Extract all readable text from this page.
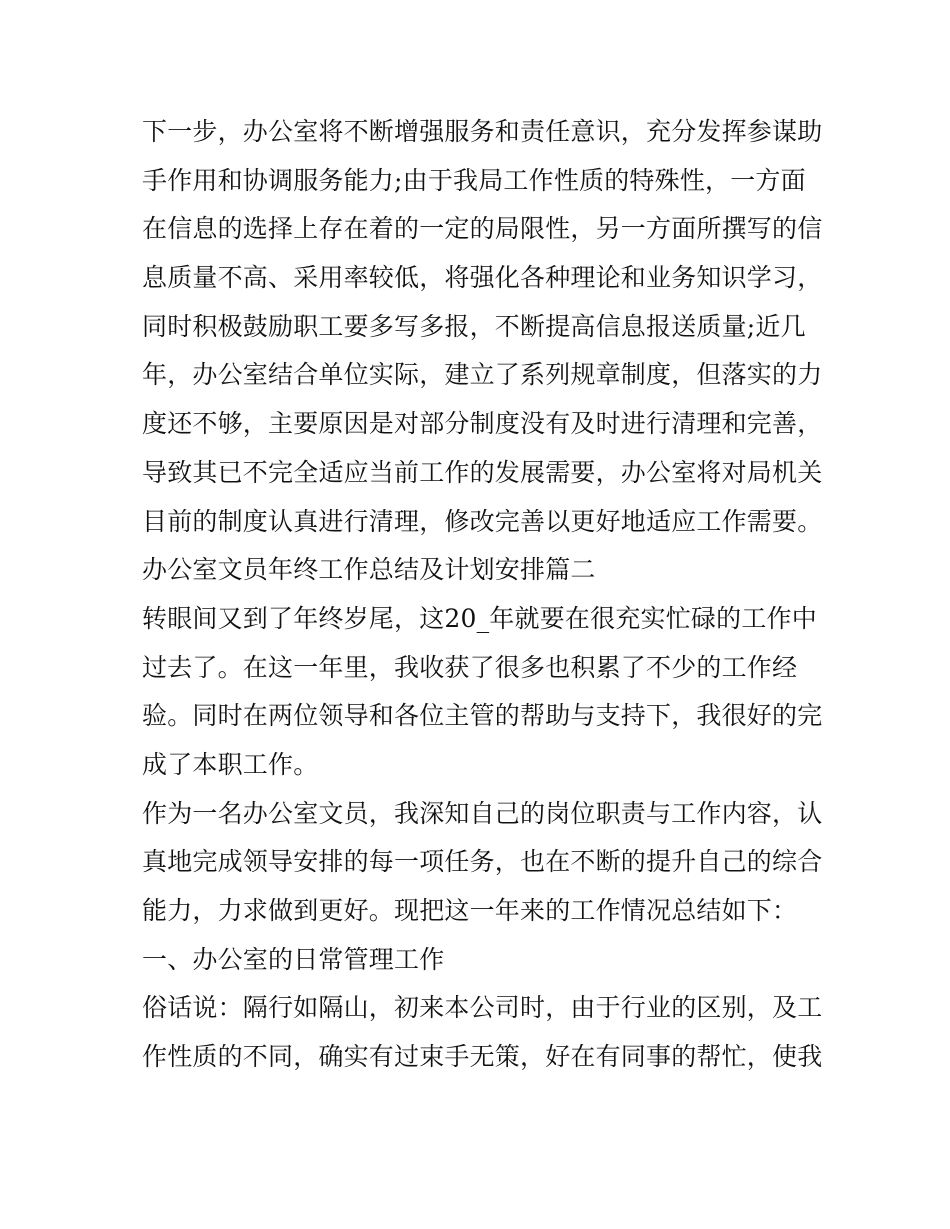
下一步，办公室将不断增强服务和责任意识，充分发挥参谋助
手作用和协调服务能力;由于我局工作性质的特殊性，一方面
在信息的选择上存在着的一定的局限性，另一方面所撰写的信
息质量不高、采用率较低，将强化各种理论和业务知识学习，
同时积极鼓励职工要多写多报，不断提高信息报送质量;近几
年，办公室结合单位实际，建立了系列规章制度，但落实的力
度还不够，主要原因是对部分制度没有及时进行清理和完善，
导致其已不完全适应当前工作的发展需要，办公室将对局机关
目前的制度认真进行清理，修改完善以更好地适应工作需要。
办公室文员年终工作总结及计划安排篇二
转眼间又到了年终岁尾，这20_年就要在很充实忙碌的工作中
过去了。在这一年里，我收获了很多也积累了不少的工作经
验。同时在两位领导和各位主管的帮助与支持下，我很好的完
成了本职工作。
作为一名办公室文员，我深知自己的岗位职责与工作内容，认
真地完成领导安排的每一项任务，也在不断的提升自己的综合
能力，力求做到更好。现把这一年来的工作情况总结如下：
一、办公室的日常管理工作
俗话说：隔行如隔山，初来本公司时，由于行业的区别，及工
作性质的不同，确实有过束手无策，好在有同事的帮忙，使我
